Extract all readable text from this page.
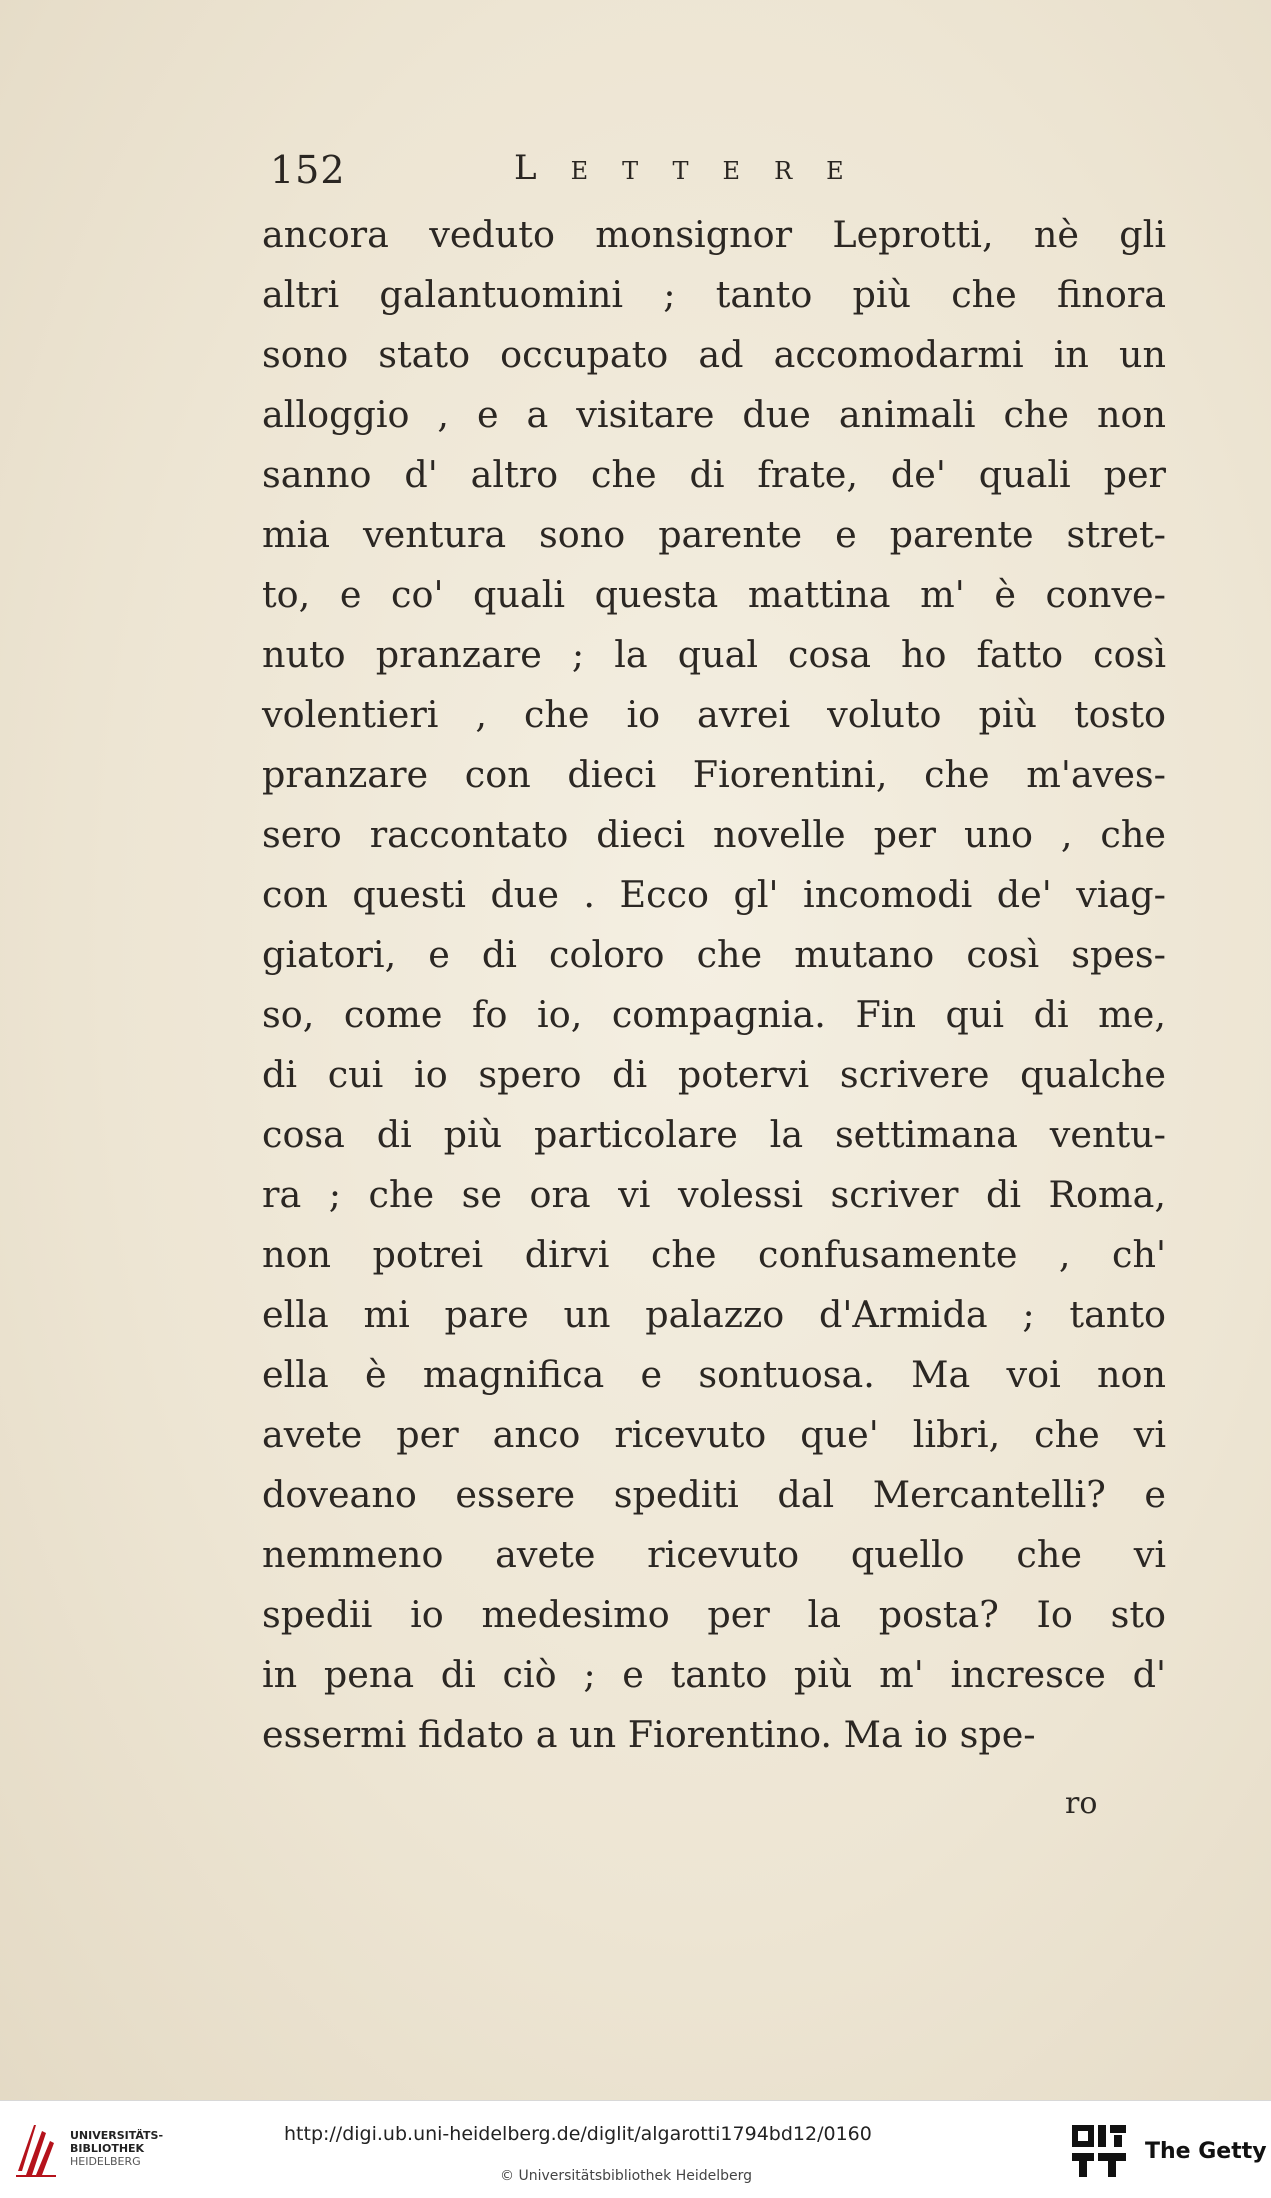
152	Lettere
ancora veduto monsignor Leprotti, nè gli
altri galantuomini ; tanto più che finora
sono stato occupato ad accomodarmi in un
alloggio , e a visitare due animali che non
sanno d' altro che di frate, de' quali per
mia ventura sono parente e parente stret-
to, e co' quali questa mattina m' è conve-
nuto pranzare ; la qual cosa ho fatto così
volentieri , che io avrei voluto più tosto
pranzare con dieci Fiorentini, che m'aves-
sero raccontato dieci novelle per uno , che
con questi due . Ecco gl' incomodi de' viag-
giatori, e di coloro che mutano così spes-
so, come fo io, compagnia. Fin qui di me,
di cui io spero di potervi scrivere qualche
cosa di più particolare la settimana ventu-
ra ; che se ora vi volessi scriver di Roma,
non potrei dirvi che confusamente , ch'
ella mi pare un palazzo d'Armida ; tanto
ella è magnifica e sontuosa. Ma voi non
avete per anco ricevuto que' libri, che vi
doveano essere spediti dal Mercantelli? e
nemmeno avete ricevuto quello che vi
spedii io medesimo per la posta? Io sto
in pena di ciò ; e tanto più m' increscе d'
essermi fidato a un Fiorentino. Ma io spe-
ro
UNIVERSITÄTS-
BIBLIOTHEK
HEIDELBERG
http://digi.ub.uni-heidelberg.de/diglit/algarotti1794bd12/0160
© Universitätsbibliothek Heidelberg
The Getty
